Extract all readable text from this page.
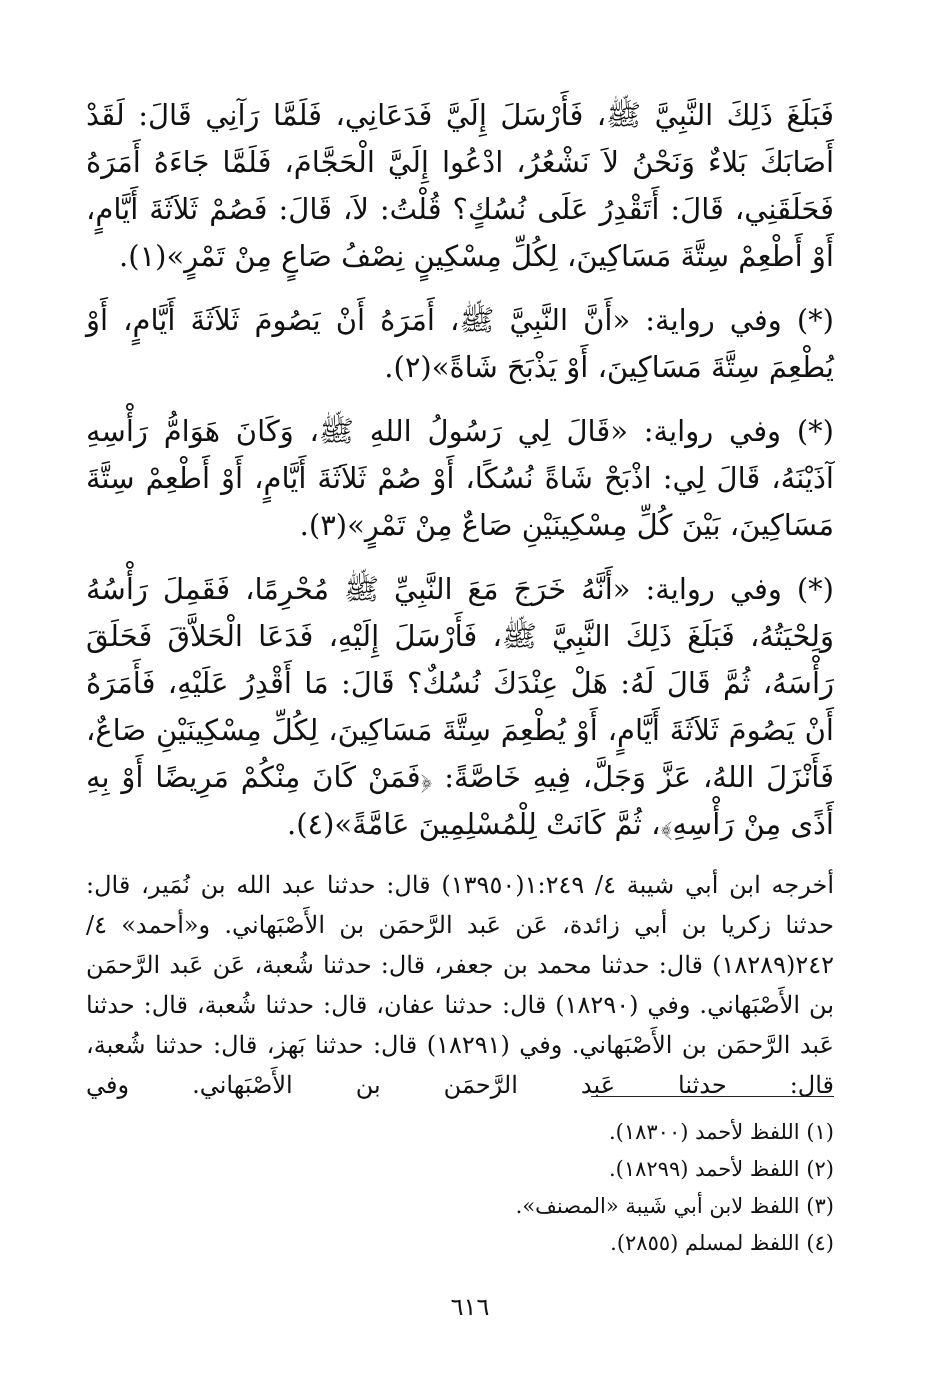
فَبَلَغَ ذَلِكَ النَّبِيَّ ﷺ، فَأَرْسَلَ إِلَيَّ فَدَعَانِي، فَلَمَّا رَآنِي قَالَ: لَقَدْ أَصَابَكَ بَلاءٌ وَنَحْنُ لاَ نَشْعُرُ، ادْعُوا إِلَيَّ الْحَجَّامَ، فَلَمَّا جَاءَهُ أَمَرَهُ فَحَلَقَنِي، قَالَ: أَتَقْدِرُ عَلَى نُسُكٍ؟ قُلْتُ: لاَ، قَالَ: فَصُمْ ثَلاَثَةَ أَيَّامٍ، أَوْ أَطْعِمْ سِتَّةَ مَسَاكِينَ، لِكُلِّ مِسْكِينٍ نِصْفُ صَاعٍ مِنْ تَمْرٍ»(١).

(*) وفي رواية: «أَنَّ النَّبِيَّ ﷺ، أَمَرَهُ أَنْ يَصُومَ ثَلاَثَةَ أَيَّامٍ، أَوْ يُطْعِمَ سِتَّةَ مَسَاكِينَ، أَوْ يَذْبَحَ شَاةً»(٢).

(*) وفي رواية: «قَالَ لِي رَسُولُ اللهِ ﷺ، وَكَانَ هَوَامُّ رَأْسِهِ آذَيْنَهُ، قَالَ لِي: اذْبَحْ شَاةً نُسُكًا، أَوْ صُمْ ثَلاَثَةَ أَيَّامٍ، أَوْ أَطْعِمْ سِتَّةَ مَسَاكِينَ، بَيْنَ كُلِّ مِسْكِينَيْنِ صَاعٌ مِنْ تَمْرٍ»(٣).

(*) وفي رواية: «أَنَّهُ خَرَجَ مَعَ النَّبِيِّ ﷺ مُحْرِمًا، فَقَمِلَ رَأْسُهُ وَلِحْيَتُهُ، فَبَلَغَ ذَلِكَ النَّبِيَّ ﷺ، فَأَرْسَلَ إِلَيْهِ، فَدَعَا الْحَلاَّقَ فَحَلَقَ رَأْسَهُ، ثُمَّ قَالَ لَهُ: هَلْ عِنْدَكَ نُسُكٌ؟ قَالَ: مَا أَقْدِرُ عَلَيْهِ، فَأَمَرَهُ أَنْ يَصُومَ ثَلاَثَةَ أَيَّامٍ، أَوْ يُطْعِمَ سِتَّةَ مَسَاكِينَ، لِكُلِّ مِسْكِينَيْنِ صَاعٌ، فَأَنْزَلَ اللهُ، عَزَّ وَجَلَّ، فِيهِ خَاصَّةً: ﴿فَمَنْ كَانَ مِنْكُمْ مَرِيضًا أَوْ بِهِ أَذًى مِنْ رَأْسِهِ﴾، ثُمَّ كَانَتْ لِلْمُسْلِمِينَ عَامَّةً»(٤).

أخرجه ابن أبي شيبة ٤/ ١:٢٤٩(١٣٩٥٠) قال: حدثنا عبد الله بن نُمَير، قال: حدثنا زكريا بن أبي زائدة، عَن عَبد الرَّحمَن بن الأَصْبَهاني. و«أحمد» ٤/ ٢٤٢(١٨٢٨٩) قال: حدثنا محمد بن جعفر، قال: حدثنا شُعبة، عَن عَبد الرَّحمَن بن الأَصْبَهاني. وفي (١٨٢٩٠) قال: حدثنا عفان، قال: حدثنا شُعبة، قال: حدثنا عَبد الرَّحمَن بن الأَصْبَهاني. وفي (١٨٢٩١) قال: حدثنا بَهز، قال: حدثنا شُعبة، قال: حدثنا عَبد الرَّحمَن بن الأَصْبَهاني. وفي

(١) اللفظ لأحمد (١٨٣٠٠).

(٢) اللفظ لأحمد (١٨٢٩٩).

(٣) اللفظ لابن أبي شَيبة «المصنف».

(٤) اللفظ لمسلم (٢٨٥٥).

٦١٦
